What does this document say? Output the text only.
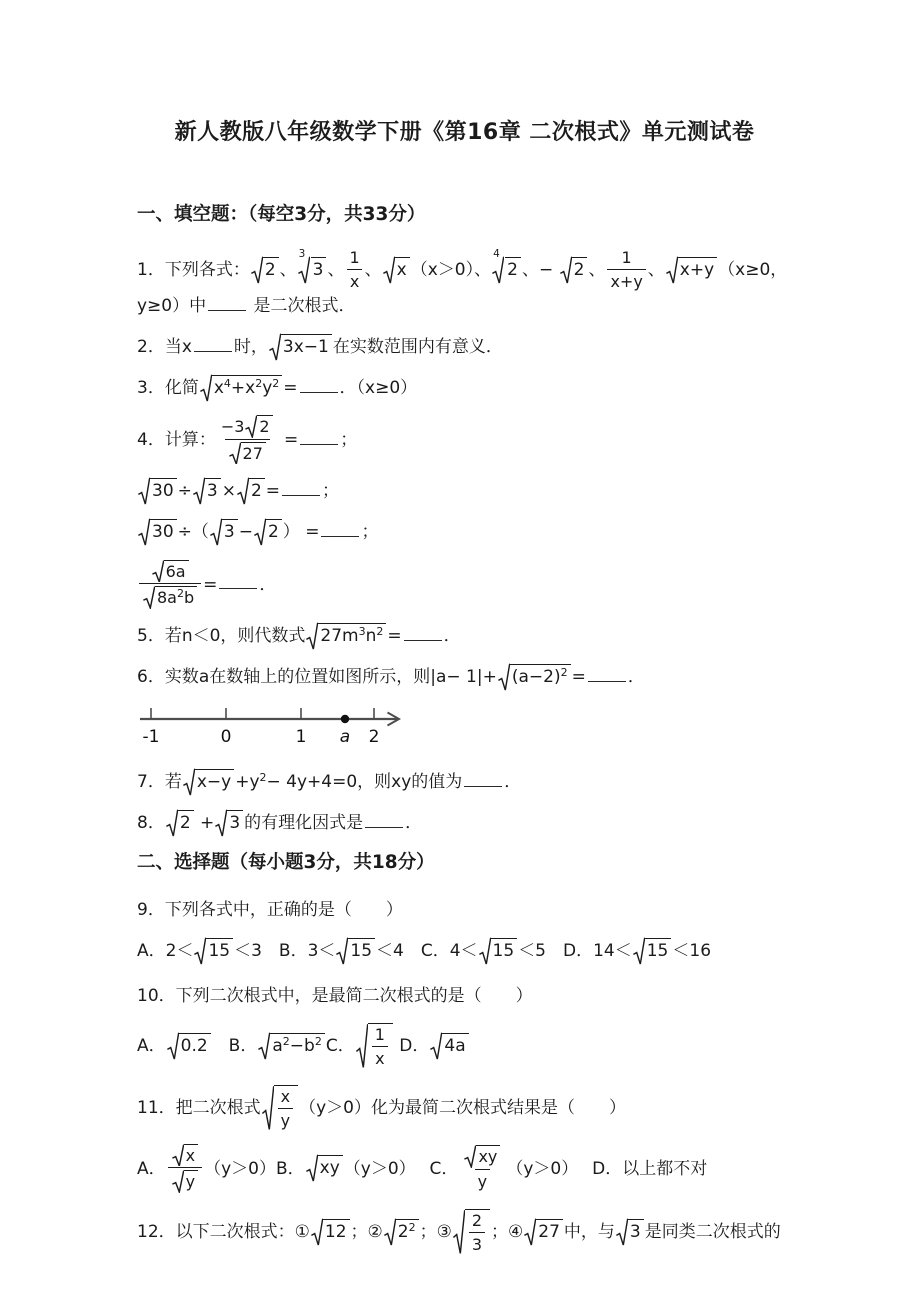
新人教版八年级数学下册《第16章 二次根式》单元测试卷
一、填空题：（每空3分，共33分）
1．下列各式： 2 、
3
3 、 $\frac{1}{x}$ 、 x （x＞0）、
4
2 、−
2 、 $\frac{1}{x+y}$ 、 x+y （x≥0，y≥0）中 是二次根式．
2．当x 时， 3x−1 在实数范围内有意义．
3．化简 $x^4+x^2y^2$ = ．（x≥0）
4．计算： $\frac{-3 2}{27}$ = ；
30 ÷ 3 × 2 = ；
30 ÷（ 3 − 2 ） = ；
$\frac{6a}{8a^2b}$ = ．
5．若n＜0，则代数式 $27m^3n^2$ = ．
6．实数a在数轴上的位置如图所示，则$|a- 1|+ (a-2)^2$ = ．
-1	0	1	2
a
7．若 $x-y +y^2- 4y+4=0$，则xy的值为 ．
8． 2 + 3 的有理化因式是 ．
二、选择题（每小题3分，共18分）
9．下列各式中，正确的是（　　）
A．2＜ 15 ＜3　B．3＜ 15 ＜4　C．4＜ 15 ＜5　D．14＜ 15 ＜16
10．下列二次根式中，是最简二次根式的是（　　）
A． 0.2　B． $a^2-b^2$ C． $\frac{1}{x}$ D． 4a
11．把二次根式 $\frac{x}{y} (y>0)$化为最简二次根式结果是（　　）
A． $\frac{x}{y} (y>0)B$． xy （y＞0）　 C． $\frac{xy}{y} (y>0)$　 D．以上都不对
12．以下二次根式：① 12 ；② $2^2$ ；③ $\frac{2}{3}$ ；④ 27 中，与 3 是同类二次根式的
